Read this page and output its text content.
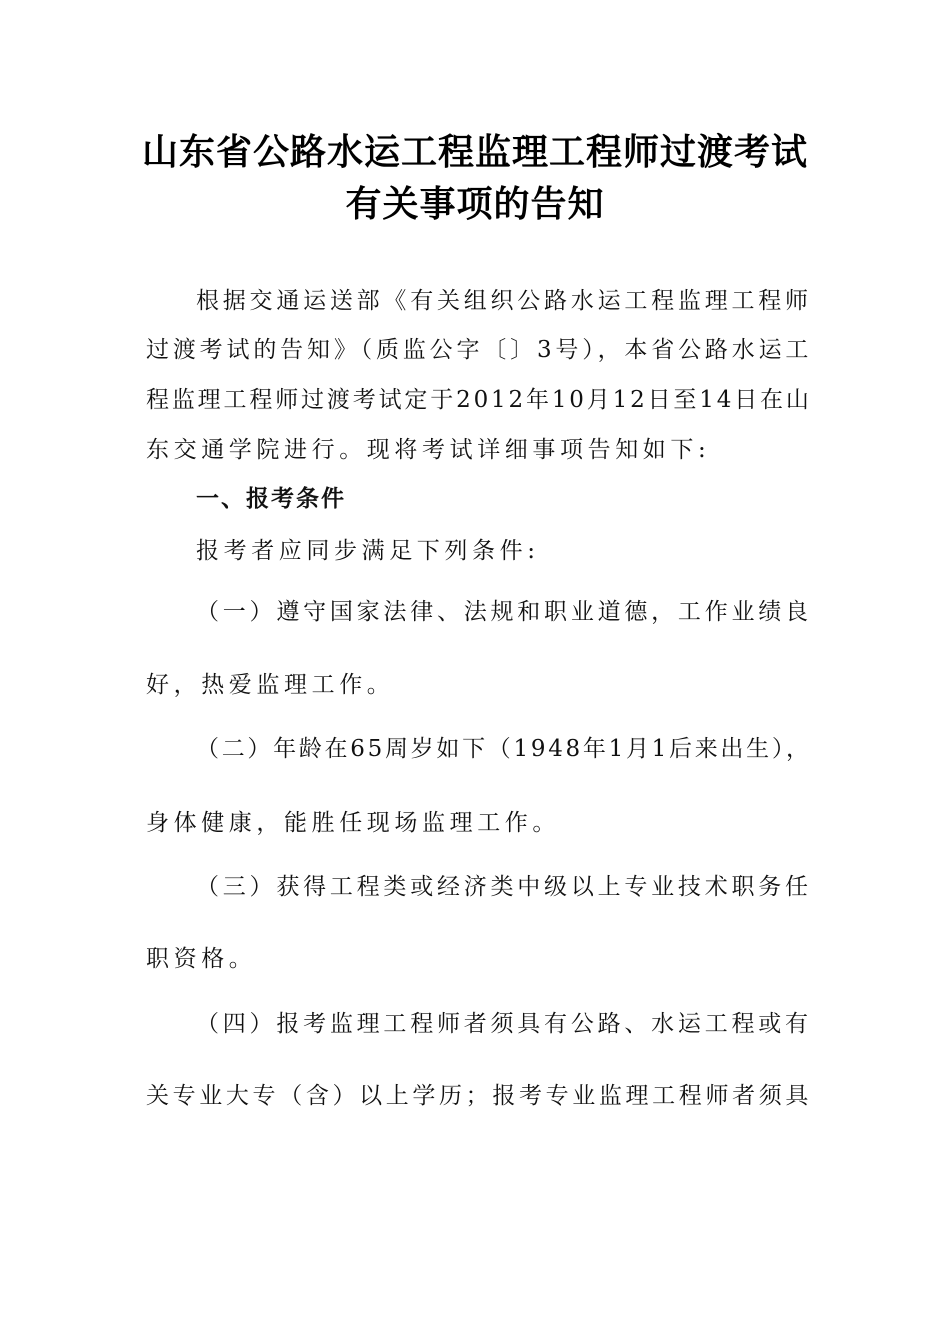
山东省公路水运工程监理工程师过渡考试
有关事项的告知
根据交通运送部《有关组织公路水运工程监理工程师
过渡考试的告知》（质监公字〔〕3号），本省公路水运工
程监理工程师过渡考试定于2012年10月12日至14日在山
东交通学院进行。现将考试详细事项告知如下:
一、报考条件
报考者应同步满足下列条件:
（一）遵守国家法律、法规和职业道德，工作业绩良
好，热爱监理工作。
（二）年龄在65周岁如下（1948年1月1后来出生），
身体健康，能胜任现场监理工作。
（三）获得工程类或经济类中级以上专业技术职务任
职资格。
（四）报考监理工程师者须具有公路、水运工程或有
关专业大专（含）以上学历；报考专业监理工程师者须具
